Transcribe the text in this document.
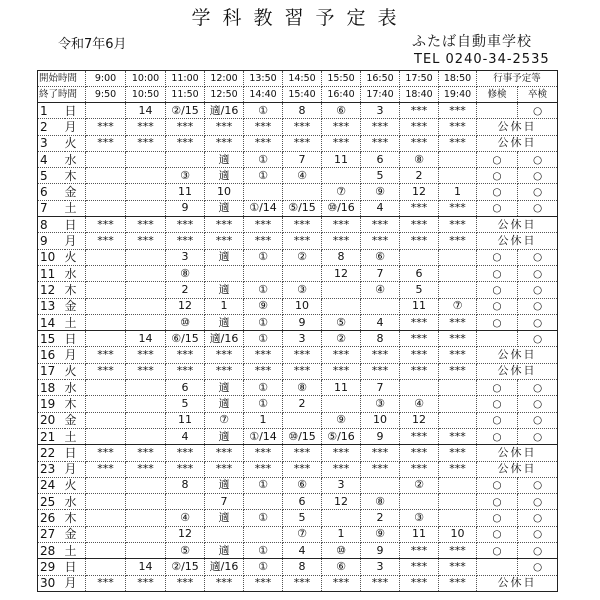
学科教習予定表
令和7年6月	ふたば自動車学校
TEL 0240-34-2535
開始時間		9:00	10:00	11:00	12:00	13:50	14:50	15:50	16:50	17:50	18:50	行事予定等	
終了時間		9:50	10:50	11:50	12:50	14:40	15:40	16:40	17:40	18:40	19:40	修検	卒検
1	日		14	②/15	適/16	①	8	⑥	3	***	***		○
2	月	***	***	***	***	***	***	***	***	***	***	公休日	
3	火	***	***	***	***	***	***	***	***	***	***	公休日	
4	水				適	①	7	11	6	⑧		○	○
5	木			③	適	①	④		5	2		○	○
6	金			11	10			⑦	⑨	12	1	○	○
7	土			9	適	①/14	⑤/15	⑩/16	4	***	***	○	○
8	日	***	***	***	***	***	***	***	***	***	***	公休日	
9	月	***	***	***	***	***	***	***	***	***	***	公休日	
10	火			3	適	①	②	8	⑥			○	○
11	水			⑧				12	7	6		○	○
12	木			2	適	①	③		④	5		○	○
13	金			12	1	⑨	10			11	⑦	○	○
14	土			⑩	適	①	9	⑤	4	***	***	○	○
15	日		14	⑥/15	適/16	①	3	②	8	***	***		○
16	月	***	***	***	***	***	***	***	***	***	***	公休日	
17	火	***	***	***	***	***	***	***	***	***	***	公休日	
18	水			6	適	①	⑧	11	7			○	○
19	木			5	適	①	2		③	④		○	○
20	金			11	⑦	1		⑨	10	12		○	○
21	土			4	適	①/14	⑩/15	⑤/16	9	***	***	○	○
22	日	***	***	***	***	***	***	***	***	***	***	公休日	
23	月	***	***	***	***	***	***	***	***	***	***	公休日	
24	火			8	適	①	⑥	3		②		○	○
25	水				7		6	12	⑧			○	○
26	木			④	適	①	5		2	③		○	○
27	金			12			⑦	1	⑨	11	10	○	○
28	土			⑤	適	①	4	⑩	9	***	***	○	○
29	日		14	②/15	適/16	①	8	⑥	3	***	***		○
30	月	***	***	***	***	***	***	***	***	***	***	公休日	
